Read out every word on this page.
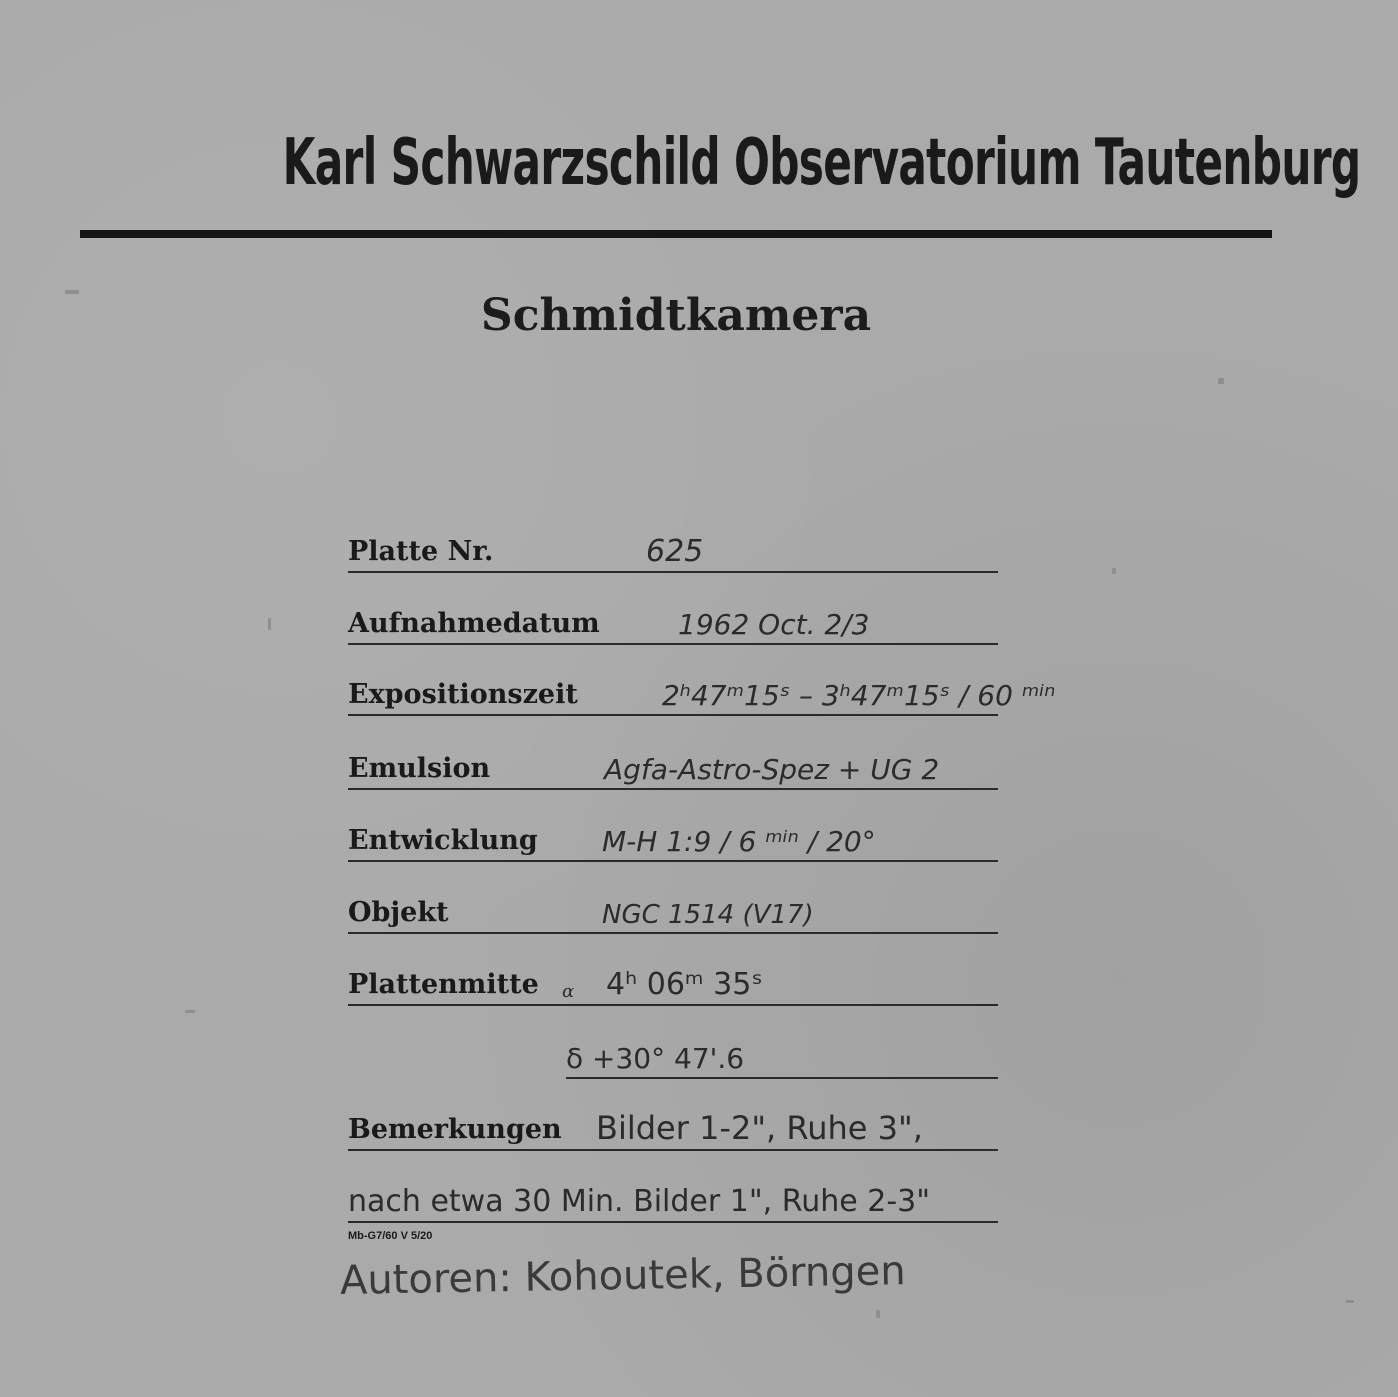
Karl Schwarzschild Observatorium Tautenburg
Schmidtkamera
Platte Nr.	625
Aufnahmedatum	1962 Oct. 2/3
Expositionszeit	2ʰ47ᵐ15ˢ – 3ʰ47ᵐ15ˢ / 60 ᵐⁱⁿ
Emulsion	Agfa-Astro-Spez + UG 2
Entwicklung M-H 1:9 / 6 ᵐⁱⁿ / 20°
Objekt	NGC 1514 (V17)
Plattenmitte α 4ʰ 06ᵐ 35ˢ
δ +30° 47'.6
Bemerkungen Bilder 1-2", Ruhe 3",
nach etwa 30 Min. Bilder 1", Ruhe 2-3"
Mb-G7/60 V 5/20
Autoren: Kohoutek, Börngen
